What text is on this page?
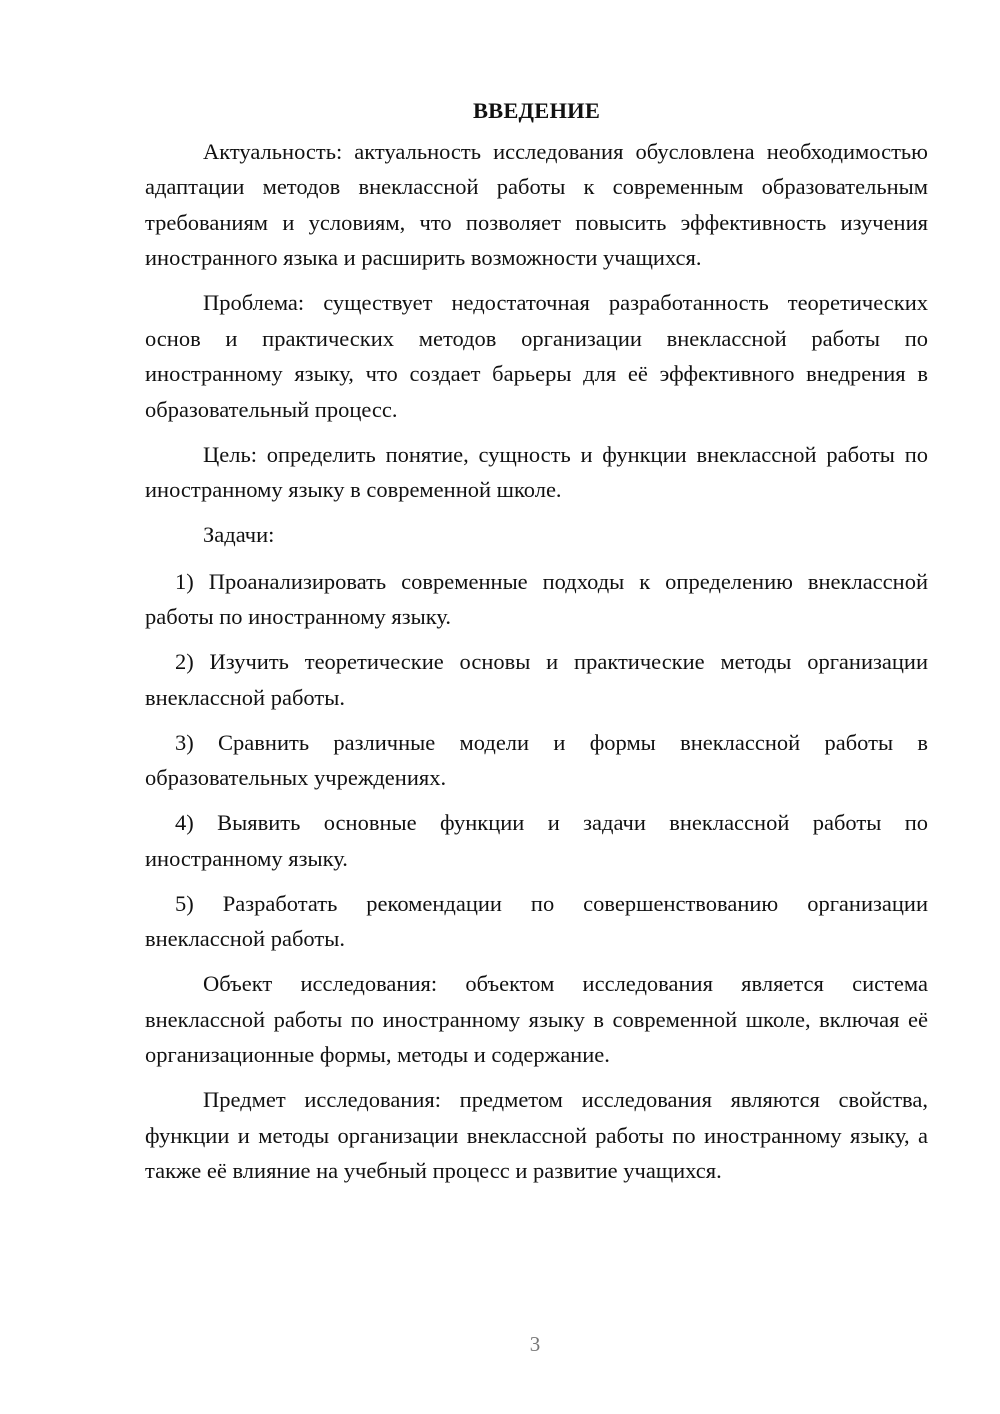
ВВЕДЕНИЕ

Актуальность: актуальность исследования обусловлена необходимостью адаптации методов внеклассной работы к современным образовательным требованиям и условиям, что позволяет повысить эффективность изучения иностранного языка и расширить возможности учащихся.

Проблема: существует недостаточная разработанность теоретических основ и практических методов организации внеклассной работы по иностранному языку, что создает барьеры для её эффективного внедрения в образовательный процесс.

Цель: определить понятие, сущность и функции внеклассной работы по иностранному языку в современной школе.

Задачи:

1) Проанализировать современные подходы к определению внеклассной работы по иностранному языку.

2) Изучить теоретические основы и практические методы организации внеклассной работы.

3) Сравнить различные модели и формы внеклассной работы в образовательных учреждениях.

4) Выявить основные функции и задачи внеклассной работы по иностранному языку.

5) Разработать рекомендации по совершенствованию организации внеклассной работы.

Объект исследования: объектом исследования является система внеклассной работы по иностранному языку в современной школе, включая её организационные формы, методы и содержание.

Предмет исследования: предметом исследования являются свойства, функции и методы организации внеклассной работы по иностранному языку, а также её влияние на учебный процесс и развитие учащихся.

3
